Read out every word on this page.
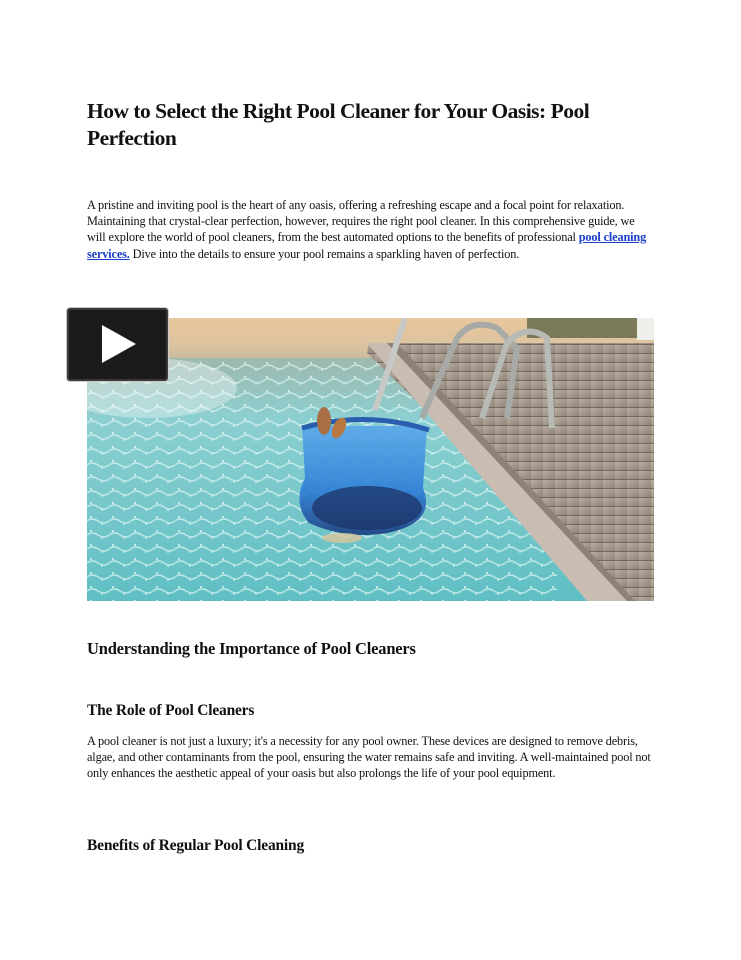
How to Select the Right Pool Cleaner for Your Oasis: Pool Perfection

A pristine and inviting pool is the heart of any oasis, offering a refreshing escape and a focal point for relaxation. Maintaining that crystal-clear perfection, however, requires the right pool cleaner. In this comprehensive guide, we will explore the world of pool cleaners, from the best automated options to the benefits of professional pool cleaning services. Dive into the details to ensure your pool remains a sparkling haven of perfection.

Understanding the Importance of Pool Cleaners
The Role of Pool Cleaners

A pool cleaner is not just a luxury; it's a necessity for any pool owner. These devices are designed to remove debris, algae, and other contaminants from the pool, ensuring the water remains safe and inviting. A well-maintained pool not only enhances the aesthetic appeal of your oasis but also prolongs the life of your pool equipment.

Benefits of Regular Pool Cleaning
